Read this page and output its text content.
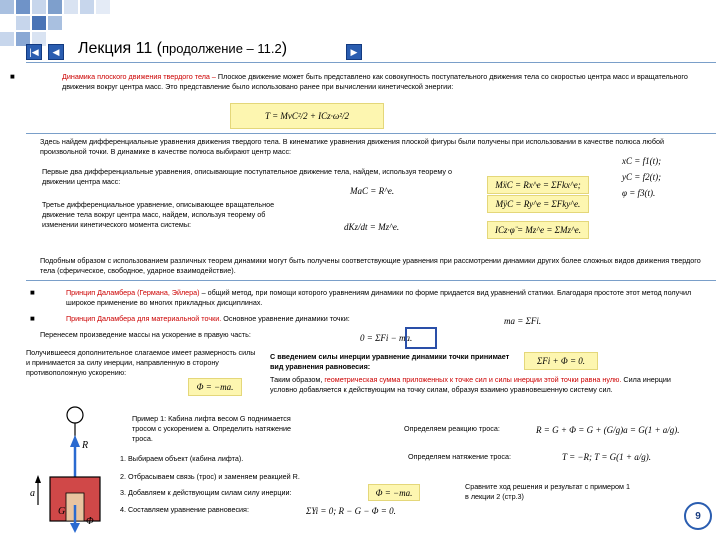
|◀	◀ Лекция 11 (продолжение – 11.2)	▶
■	Динамика плоского движения твердого тела – Плоское движение может быть представлено как совокупность поступательного движения тела со скоростью центра масс и вращательного движения вокруг центра масс. Это представление было использовано ранее при вычислении кинетической энергии:
T = MvC²/2 + ICz·ω²/2
Здесь найдем дифференциальные уравнения движения твердого тела. В кинематике уравнения движения плоской фигуры были получены при использовании в качестве полюса любой произвольной точки. В динамике в качестве полюса выбирают центр масс:
xC = f1(t);
yC = f2(t);
φ = f3(t).
Первые два дифференциальные уравнения, описывающие поступательное движение тела, найдем, используя теорему о движении центра масс:
MaC = R^e.
MẍC = Rx^e = ΣFkx^e;
MÿC = Ry^e = ΣFky^e.
Третье дифференциальное уравнение, описывающее вращательное движение тела вокруг центра масс, найдем, используя теорему об изменении кинетического момента системы:	dKz/dt = Mz^e.	ICz·φ̈ = Mz^e = ΣMz^e.
Подобным образом с использованием различных теорем динамики могут быть получены соответствующие уравнения при рассмотрении динамики других более сложных видов движения твердого тела (сферическое, свободное, ударное взаимодействие).
■	Принцип Даламбера (Германа, Эйлера) – общий метод, при помощи которого уравнениям динамики по форме придается вид уравнений статики. Благодаря простоте этот метод получил широкое применение во многих прикладных дисциплинах.
■	Принцип Даламбера для материальной точки. Основное уравнение динамики точки:	ma = ΣFi.
Перенесем произведение массы на ускорение в правую часть:	0 = ΣFi − ma.
Получившееся дополнительное слагаемое имеет размерность силы и принимается за силу инерции, направленную в сторону противоположную ускорению:
Φ = −ma.
С введением силы инерции уравнение динамики точки принимает вид уравнения равновесия:
ΣFi + Φ = 0.
Таким образом, геометрическая сумма приложенных к точке сил и силы инерции этой точки равна нулю. Сила инерции условно добавляется к действующим на точку силам, образуя взаимно уравновешенную систему сил.
R
a
G
Φ
Пример 1: Кабина лифта весом G поднимается тросом с ускорением a. Определить натяжение троса.
1. Выбираем объект (кабина лифта).
2. Отбрасываем связь (трос) и заменяем реакцией R.
3. Добавляем к действующим силам силу инерции:	Φ = −ma.
4. Составляем уравнение равновесия:	ΣYi = 0; R − G − Φ = 0.
Определяем реакцию троса:	R = G + Φ = G + (G/g)a = G(1 + a/g).
Определяем натяжение троса:	T = −R; T = G(1 + a/g).
Сравните ход решения и результат с примером 1 в лекции 2 (стр.3)
9
